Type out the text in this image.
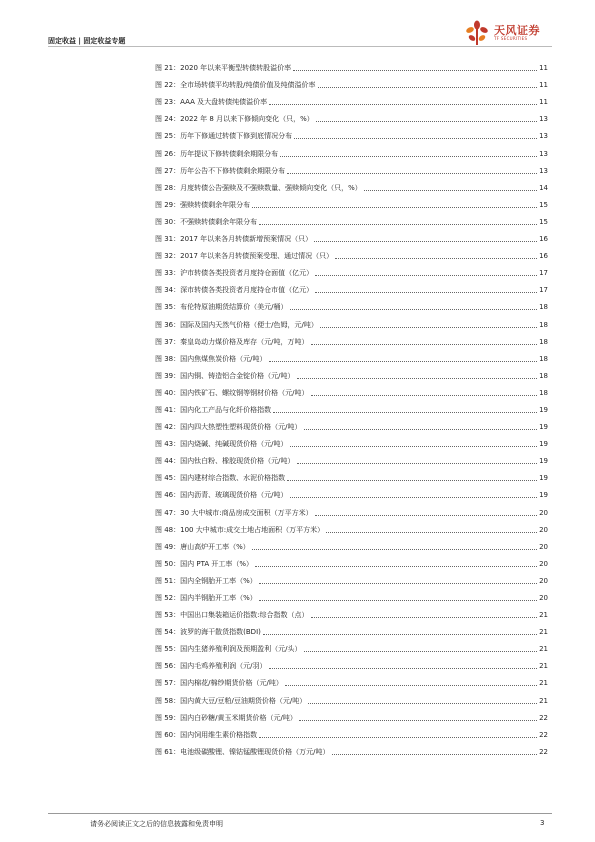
固定收益 | 固定收益专题
天风证券
TF SECURITIES
图 21： 2020 年以来平衡型转债转股溢价率	11
图 22： 全市场转债平均转股/纯债价值及纯债溢价率	11
图 23： AAA 及大盘转债纯债溢价率	11
图 24： 2022 年 8 月以来下修倾向变化（只，%）	13
图 25： 历年下修通过转债下修到底情况分布	13
图 26： 历年提议下修转债剩余期限分布	13
图 27： 历年公告不下修转债剩余期限分布	13
图 28： 月度转债公告强赎及不强赎数量、强赎倾向变化（只，%）	14
图 29： 强赎转债剩余年限分布	15
图 30： 不强赎转债剩余年限分布	15
图 31： 2017 年以来各月转债新增预案情况（只）	16
图 32： 2017 年以来各月转债预案受理、通过情况（只）	16
图 33： 沪市转债各类投资者月度持仓面值（亿元）	17
图 34： 深市转债各类投资者月度持仓市值（亿元）	17
图 35： 布伦特原油期货结算价（美元/桶）	18
图 36： 国际及国内天然气价格（便士/色姆，元/吨）	18
图 37： 秦皇岛动力煤价格及库存（元/吨，万吨）	18
图 38： 国内焦煤焦炭价格（元/吨）	18
图 39： 国内铜、铸造铝合金锭价格（元/吨）	18
图 40： 国内铁矿石、螺纹钢等钢材价格（元/吨）	18
图 41： 国内化工产品与化纤价格指数	19
图 42： 国内四大热塑性塑料现货价格（元/吨）	19
图 43： 国内烧碱、纯碱现货价格（元/吨）	19
图 44： 国内钛白粉、橡胶现货价格（元/吨）	19
图 45： 国内建材综合指数、水泥价格指数	19
图 46： 国内沥青、玻璃现货价格（元/吨）	19
图 47： 30 大中城市:商品房成交面积（万平方米）	20
图 48： 100 大中城市:成交土地占地面积（万平方米）	20
图 49： 唐山高炉开工率（%）	20
图 50： 国内 PTA 开工率（%）	20
图 51： 国内全钢胎开工率（%）	20
图 52： 国内半钢胎开工率（%）	20
图 53： 中国出口集装箱运价指数:综合指数（点）	21
图 54： 波罗的海干散货指数(BDI)	21
图 55： 国内生猪养殖利润及预期盈利（元/头）	21
图 56： 国内毛鸡养殖利润（元/羽）	21
图 57： 国内棉花/棉纱期货价格（元/吨）	21
图 58： 国内黄大豆/豆粕/豆油期货价格（元/吨）	21
图 59： 国内白砂糖/黄玉米期货价格（元/吨）	22
图 60： 国内饲用维生素价格指数	22
图 61： 电池级碳酸锂、镍钴锰酸锂现货价格（万元/吨）	22
请务必阅读正文之后的信息披露和免责申明	3
